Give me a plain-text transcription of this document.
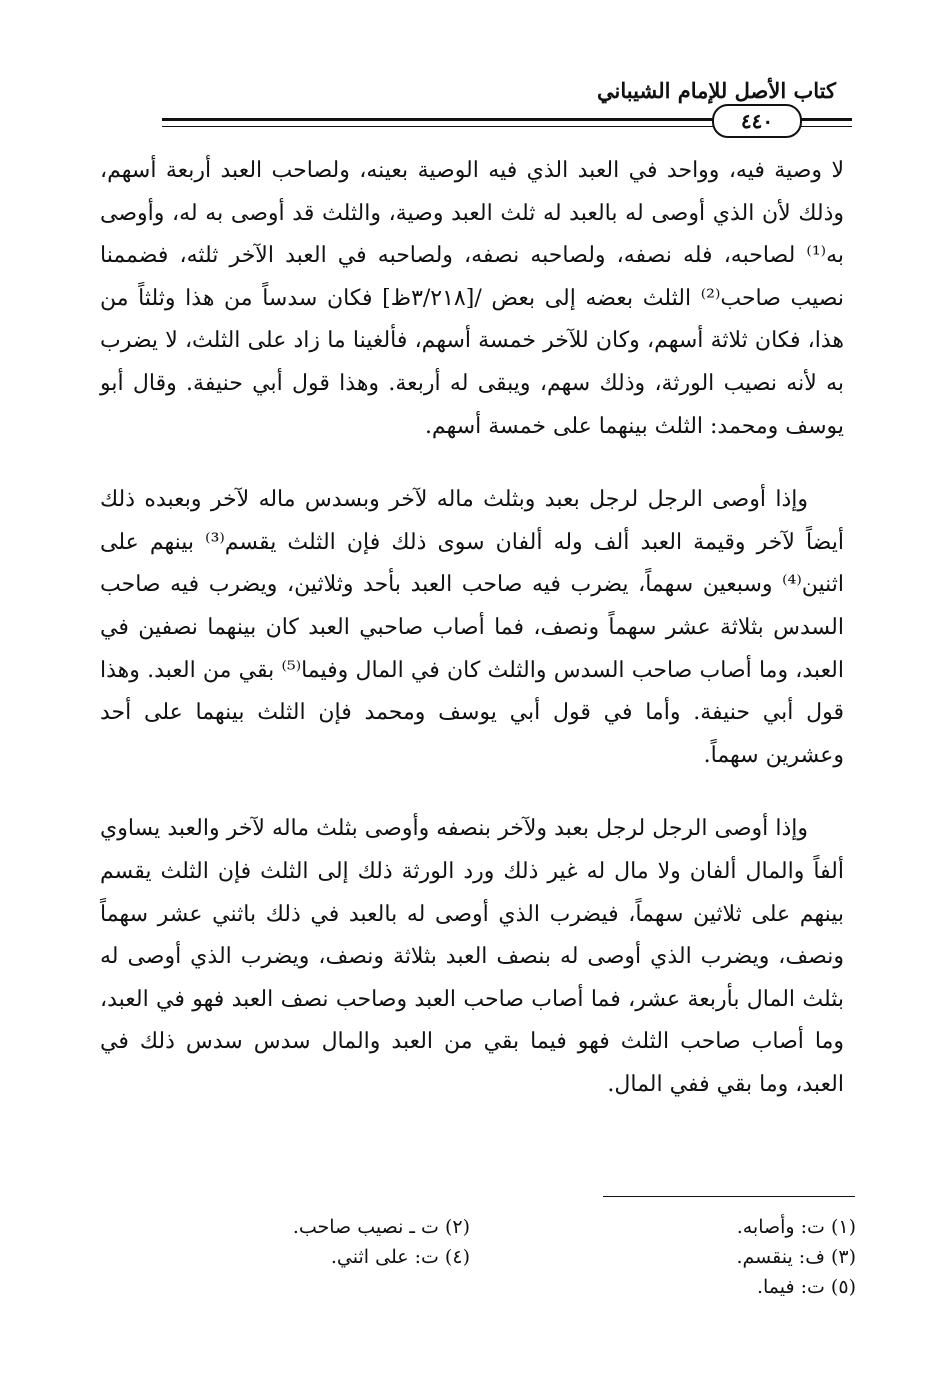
كتاب الأصل للإمام الشيباني
٤٤٠

لا وصية فيه، وواحد في العبد الذي فيه الوصية بعينه، ولصاحب العبد أربعة أسهم، وذلك لأن الذي أوصى له بالعبد له ثلث العبد وصية، والثلث قد أوصى به له، وأوصى به⁽¹⁾ لصاحبه، فله نصفه، ولصاحبه نصفه، ولصاحبه في العبد الآخر ثلثه، فضممنا نصيب صاحب⁽²⁾ الثلث بعضه إلى بعض /[٣/٢١٨ظ] فكان سدساً من هذا وثلثاً من هذا، فكان ثلاثة أسهم، وكان للآخر خمسة أسهم، فألغينا ما زاد على الثلث، لا يضرب به لأنه نصيب الورثة، وذلك سهم، ويبقى له أربعة. وهذا قول أبي حنيفة. وقال أبو يوسف ومحمد: الثلث بينهما على خمسة أسهم.

وإذا أوصى الرجل لرجل بعبد وبثلث ماله لآخر وبسدس ماله لآخر وبعبده ذلك أيضاً لآخر وقيمة العبد ألف وله ألفان سوى ذلك فإن الثلث يقسم⁽³⁾ بينهم على اثنين⁽⁴⁾ وسبعين سهماً، يضرب فيه صاحب العبد بأحد وثلاثين، ويضرب فيه صاحب السدس بثلاثة عشر سهماً ونصف، فما أصاب صاحبي العبد كان بينهما نصفين في العبد، وما أصاب صاحب السدس والثلث كان في المال وفيما⁽⁵⁾ بقي من العبد. وهذا قول أبي حنيفة. وأما في قول أبي يوسف ومحمد فإن الثلث بينهما على أحد وعشرين سهماً.

وإذا أوصى الرجل لرجل بعبد ولآخر بنصفه وأوصى بثلث ماله لآخر والعبد يساوي ألفاً والمال ألفان ولا مال له غير ذلك ورد الورثة ذلك إلى الثلث فإن الثلث يقسم بينهم على ثلاثين سهماً، فيضرب الذي أوصى له بالعبد في ذلك باثني عشر سهماً ونصف، ويضرب الذي أوصى له بنصف العبد بثلاثة ونصف، ويضرب الذي أوصى له بثلث المال بأربعة عشر، فما أصاب صاحب العبد وصاحب نصف العبد فهو في العبد، وما أصاب صاحب الثلث فهو فيما بقي من العبد والمال سدس سدس ذلك في العبد، وما بقي ففي المال.

(١) ت: وأصابه.
(٣) ف: ينقسم.
(٥) ت: فيما.
(٢) ت ـ نصيب صاحب.
(٤) ت: على اثني.
